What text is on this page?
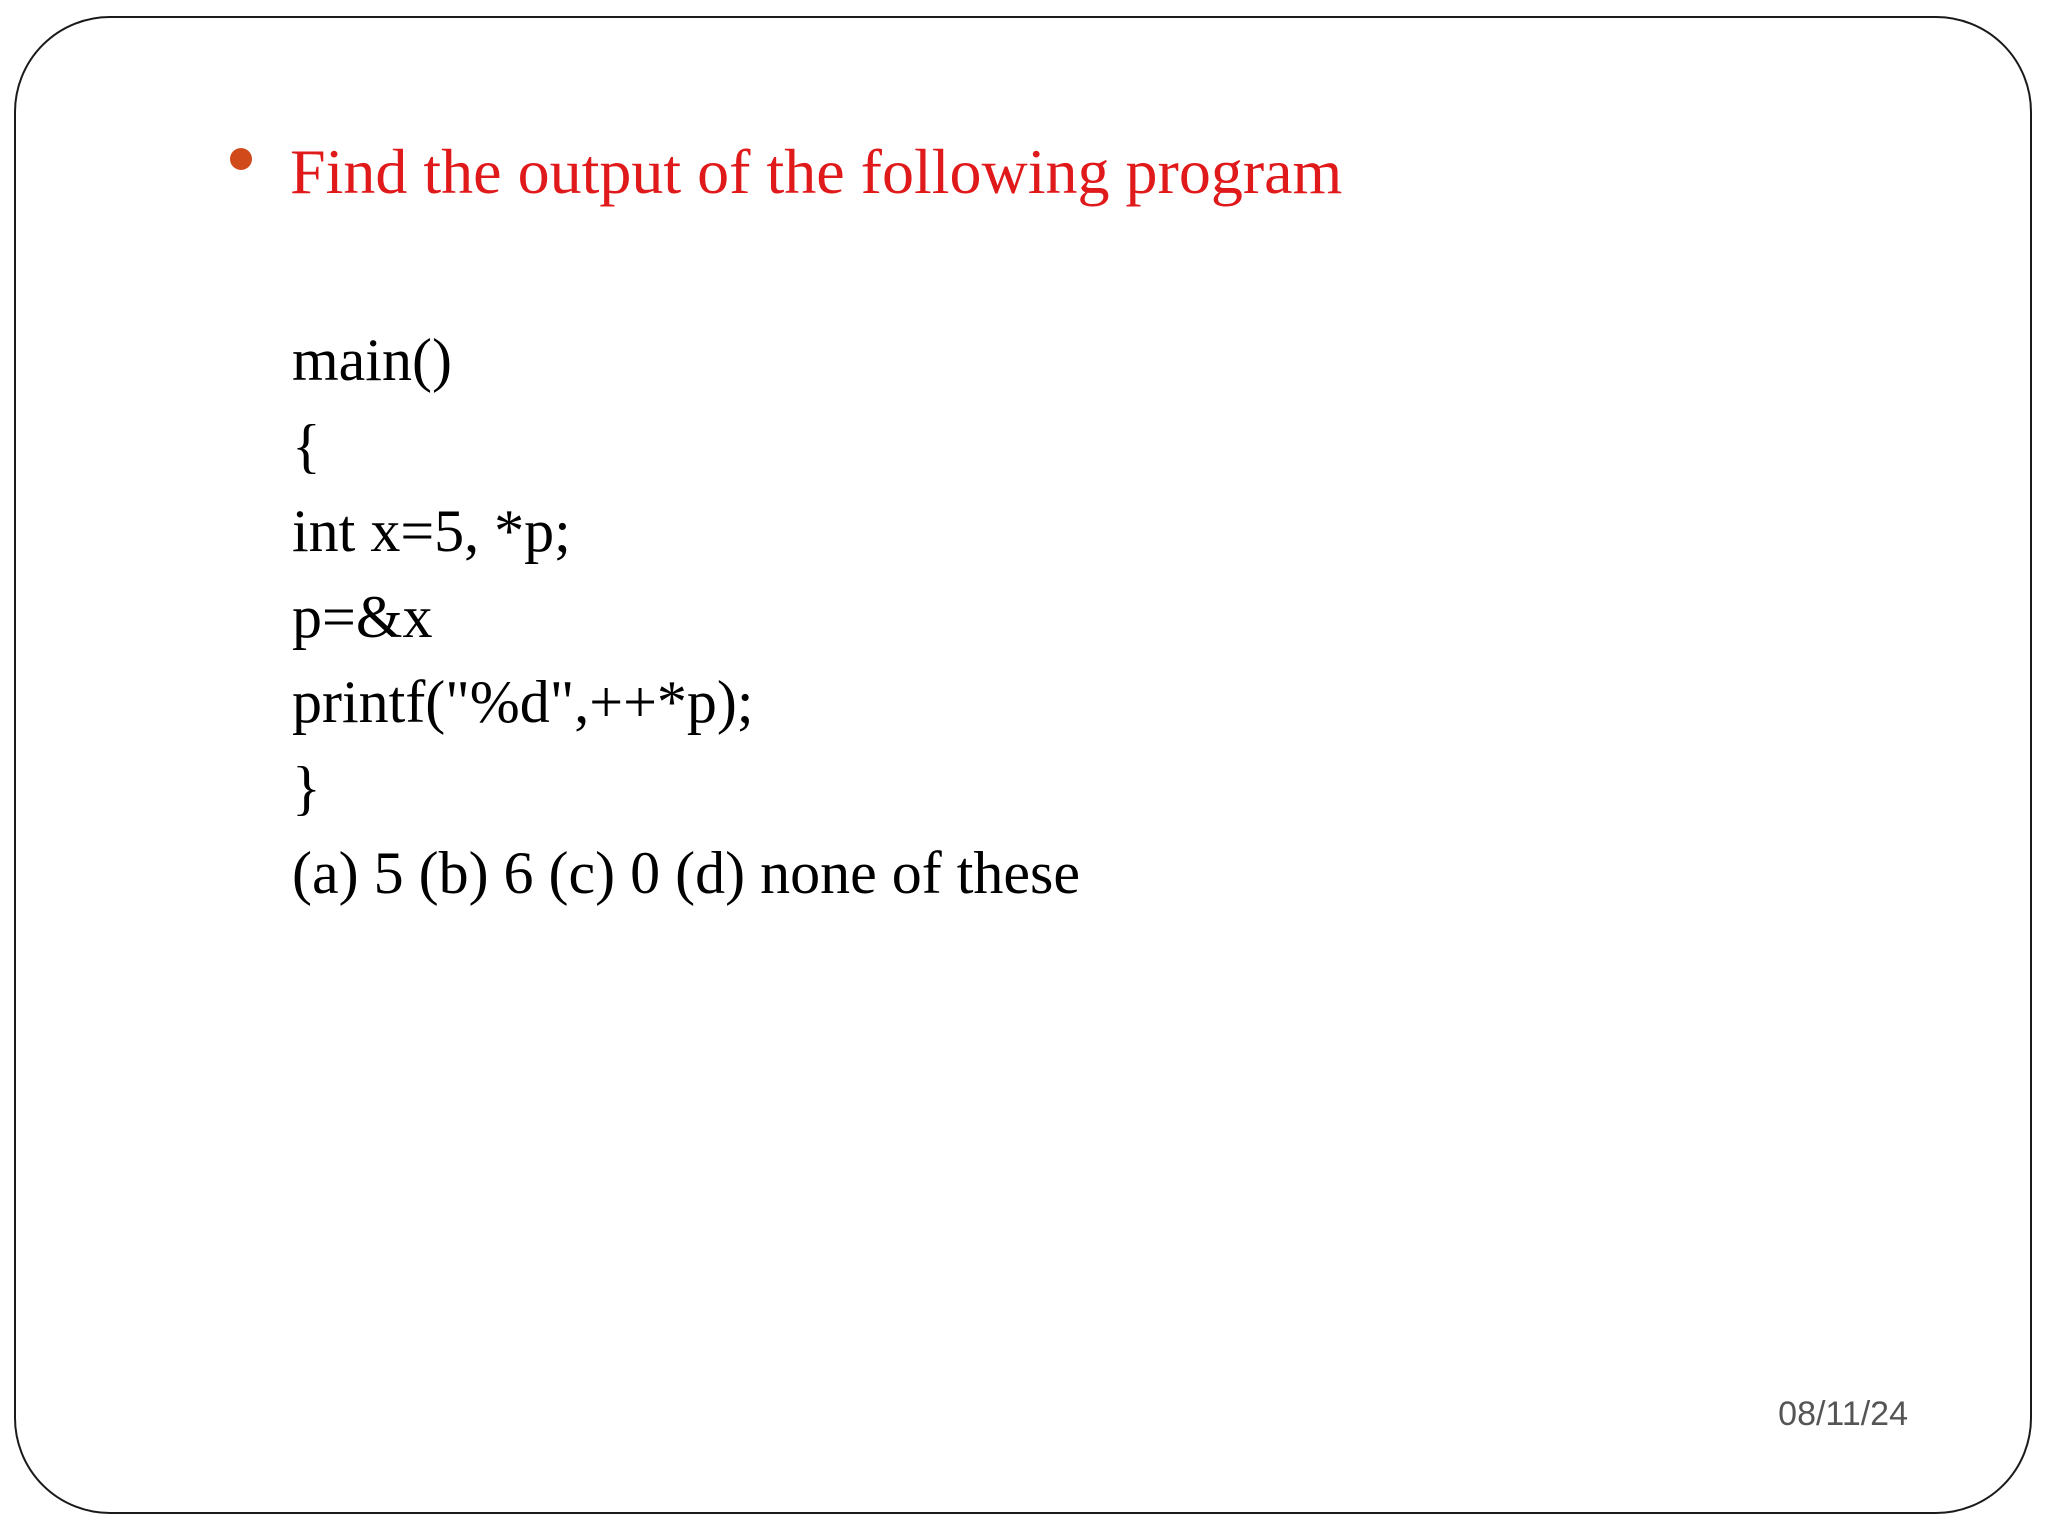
Find the output of the following program
main()
{
int x=5, *p;
p=&x
printf("%d",++*p);
}
(a) 5 (b) 6 (c) 0 (d) none of these
08/11/24
